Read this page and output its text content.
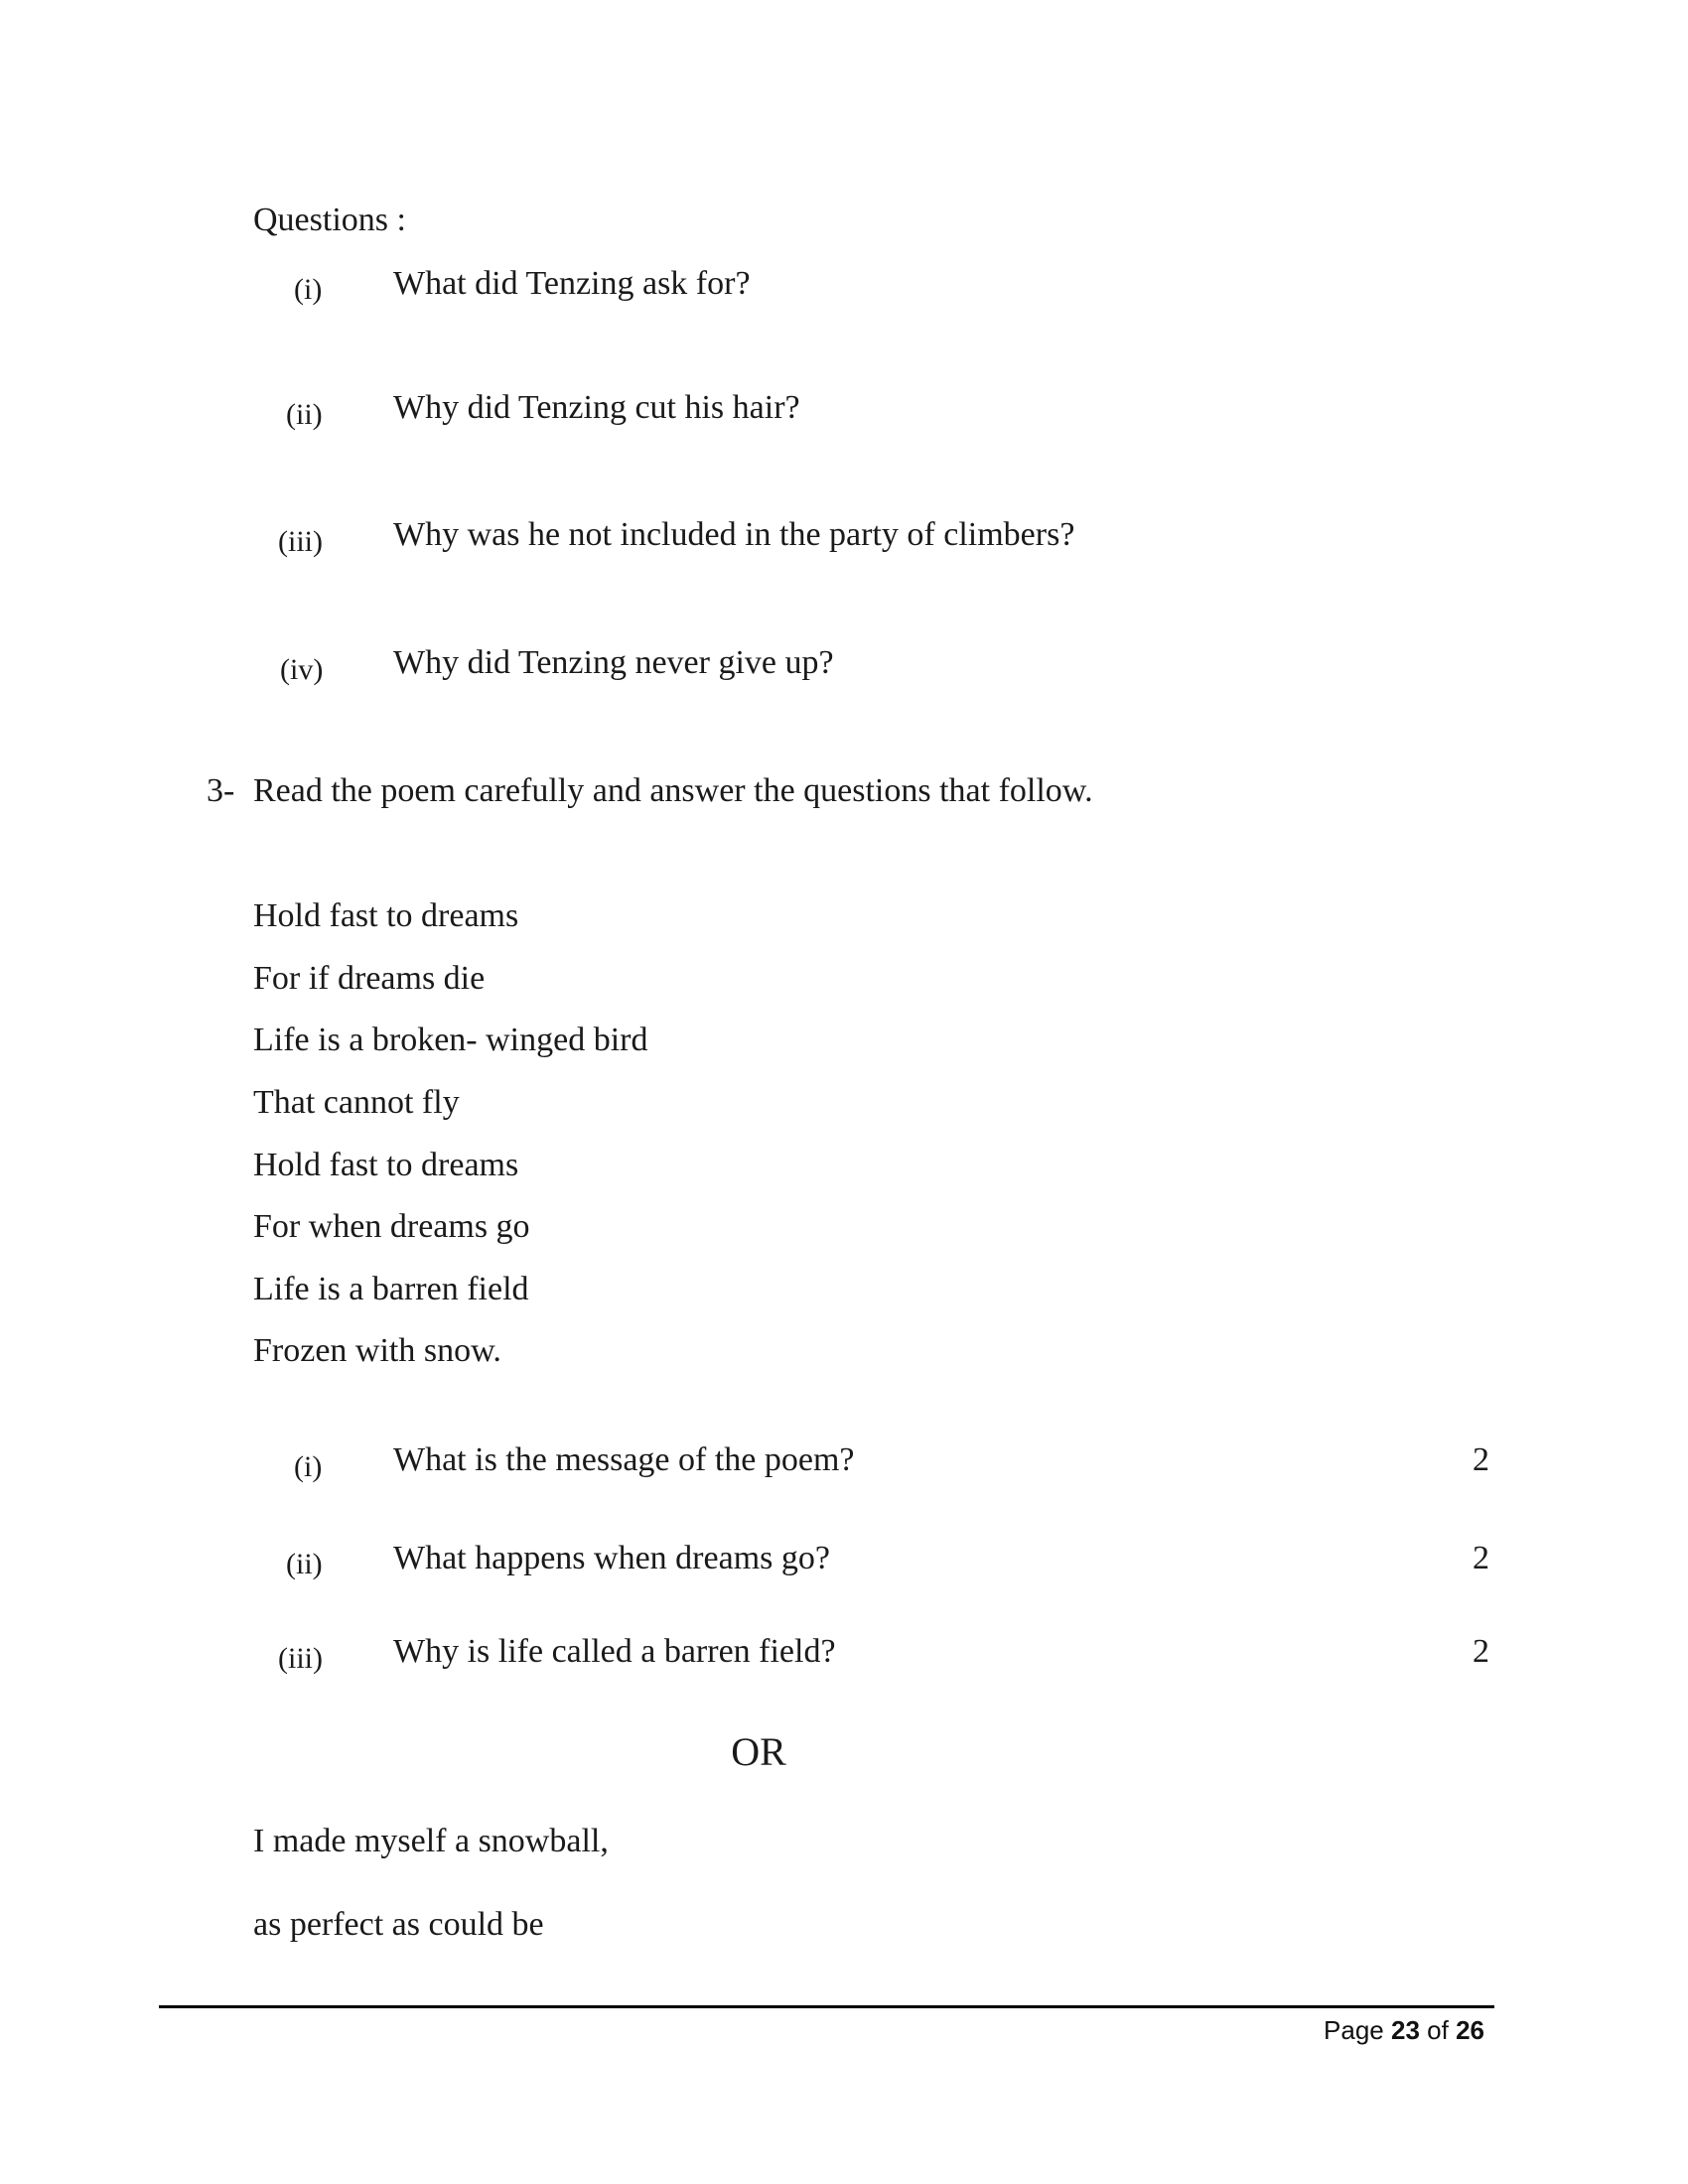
Questions :
(i) What did Tenzing ask for?
(ii) Why did Tenzing cut his hair?
(iii) Why was he not included in the party of climbers?
(iv) Why did Tenzing never give up?
3- Read the poem carefully and answer the questions that follow.
Hold fast to dreams
For if dreams die
Life is a broken- winged bird
That cannot fly
Hold fast to dreams
For when dreams go
Life is a barren field
Frozen with snow.
(i) What is the message of the poem?	2
(ii) What happens when dreams go?	2
(iii) Why is life called a barren field?	2
OR
I made myself a snowball,
as perfect as could be
Page 23 of 26
